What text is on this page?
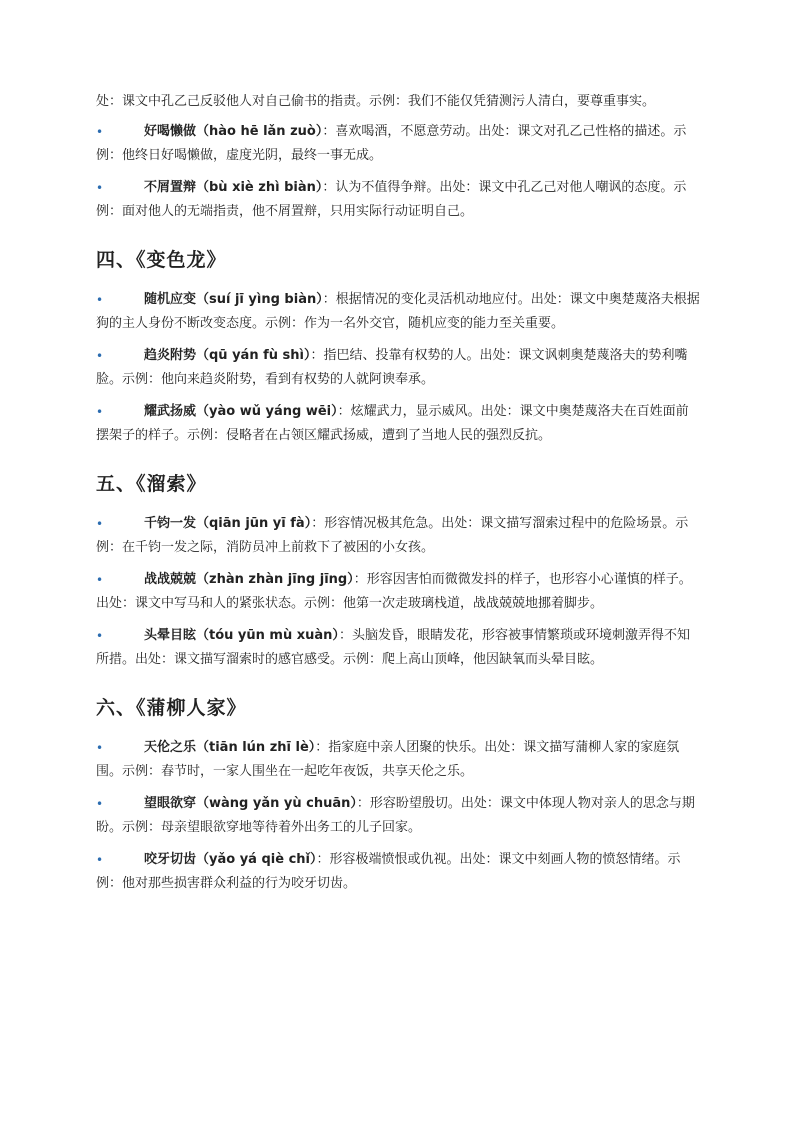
处：课文中孔乙己反驳他人对自己偷书的指责。示例：我们不能仅凭猜测污人清白，要尊重事实。

•	好喝懒做（hào hē lǎn zuò）：喜欢喝酒，不愿意劳动。出处：课文对孔乙己性格的描述。示例：他终日好喝懒做，虚度光阴，最终一事无成。
•	不屑置辩（bù xiè zhì biàn）：认为不值得争辩。出处：课文中孔乙己对他人嘲讽的态度。示例：面对他人的无端指责，他不屑置辩，只用实际行动证明自己。
四、《变色龙》
•	随机应变（suí jī yìng biàn）：根据情况的变化灵活机动地应付。出处：课文中奥楚蔑洛夫根据狗的主人身份不断改变态度。示例：作为一名外交官，随机应变的能力至关重要。
•	趋炎附势（qū yán fù shì）：指巴结、投靠有权势的人。出处：课文讽刺奥楚蔑洛夫的势利嘴脸。示例：他向来趋炎附势，看到有权势的人就阿谀奉承。
•	耀武扬威（yào wǔ yáng wēi）：炫耀武力，显示威风。出处：课文中奥楚蔑洛夫在百姓面前摆架子的样子。示例：侵略者在占领区耀武扬威，遭到了当地人民的强烈反抗。
五、《溜索》
•	千钧一发（qiān jūn yī fà）：形容情况极其危急。出处：课文描写溜索过程中的危险场景。示例：在千钧一发之际，消防员冲上前救下了被困的小女孩。
•	战战兢兢（zhàn zhàn jīng jīng）：形容因害怕而微微发抖的样子，也形容小心谨慎的样子。出处：课文中写马和人的紧张状态。示例：他第一次走玻璃栈道，战战兢兢地挪着脚步。
•	头晕目眩（tóu yūn mù xuàn）：头脑发昏，眼睛发花，形容被事情繁琐或环境刺激弄得不知所措。出处：课文描写溜索时的感官感受。示例：爬上高山顶峰，他因缺氧而头晕目眩。
六、《蒲柳人家》
•	天伦之乐（tiān lún zhī lè）：指家庭中亲人团聚的快乐。出处：课文描写蒲柳人家的家庭氛围。示例：春节时，一家人围坐在一起吃年夜饭，共享天伦之乐。
•	望眼欲穿（wàng yǎn yù chuān）：形容盼望殷切。出处：课文中体现人物对亲人的思念与期盼。示例：母亲望眼欲穿地等待着外出务工的儿子回家。
•	咬牙切齿（yǎo yá qiè chǐ）：形容极端愤恨或仇视。出处：课文中刻画人物的愤怒情绪。示例：他对那些损害群众利益的行为咬牙切齿。
